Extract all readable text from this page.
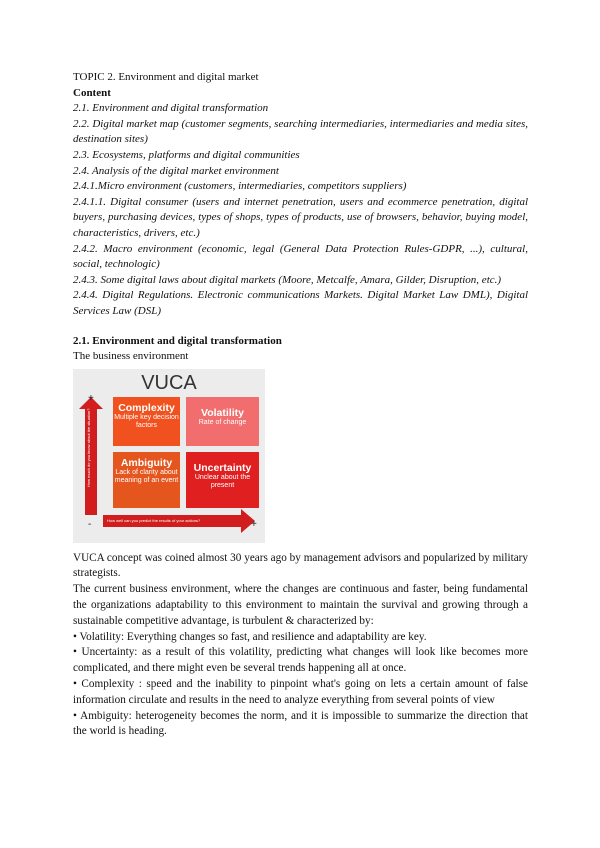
TOPIC 2. Environment and digital market

Content

2.1. Environment and digital transformation

2.2. Digital market map (customer segments, searching intermediaries, intermediaries and media sites, destination sites)

2.3. Ecosystems, platforms and digital communities

2.4. Analysis of the digital market environment

2.4.1.Micro environment (customers, intermediaries, competitors suppliers)

2.4.1.1. Digital consumer (users and internet penetration, users and ecommerce penetration, digital buyers, purchasing devices, types of shops, types of products, use of browsers, behavior, buying model, characteristics, drivers, etc.)

2.4.2. Macro environment (economic, legal (General Data Protection Rules-GDPR, ...), cultural, social, technologic)

2.4.3. Some digital laws about digital markets (Moore, Metcalfe, Amara, Gilder, Disruption, etc.)

2.4.4. Digital Regulations. Electronic communications Markets. Digital Market Law DML), Digital Services Law (DSL)

2.1. Environment and digital transformation

The business environment

VUCA
How much do you know about the situation?
How well can you predict the results of your actions?
+
-	+
Complexity
Multiple key decision factors
Volatility
Rate of change
Ambiguity
Lack of clarity about meaning of an event
Uncertainty
Unclear about the present

VUCA concept was coined almost 30 years ago by management advisors and popularized by military strategists.

The current business environment, where the changes are continuous and faster, being fundamental the organizations adaptability to this environment to maintain the survival and growing through a sustainable competitive advantage, is turbulent & characterized by:

• Volatility: Everything changes so fast, and resilience and adaptability are key.

• Uncertainty: as a result of this volatility, predicting what changes will look like becomes more complicated, and there might even be several trends happening all at once.

• Complexity : speed and the inability to pinpoint what's going on lets a certain amount of false information circulate and results in the need to analyze everything from several points of view

• Ambiguity: heterogeneity becomes the norm, and it is impossible to summarize the direction that the world is heading.
